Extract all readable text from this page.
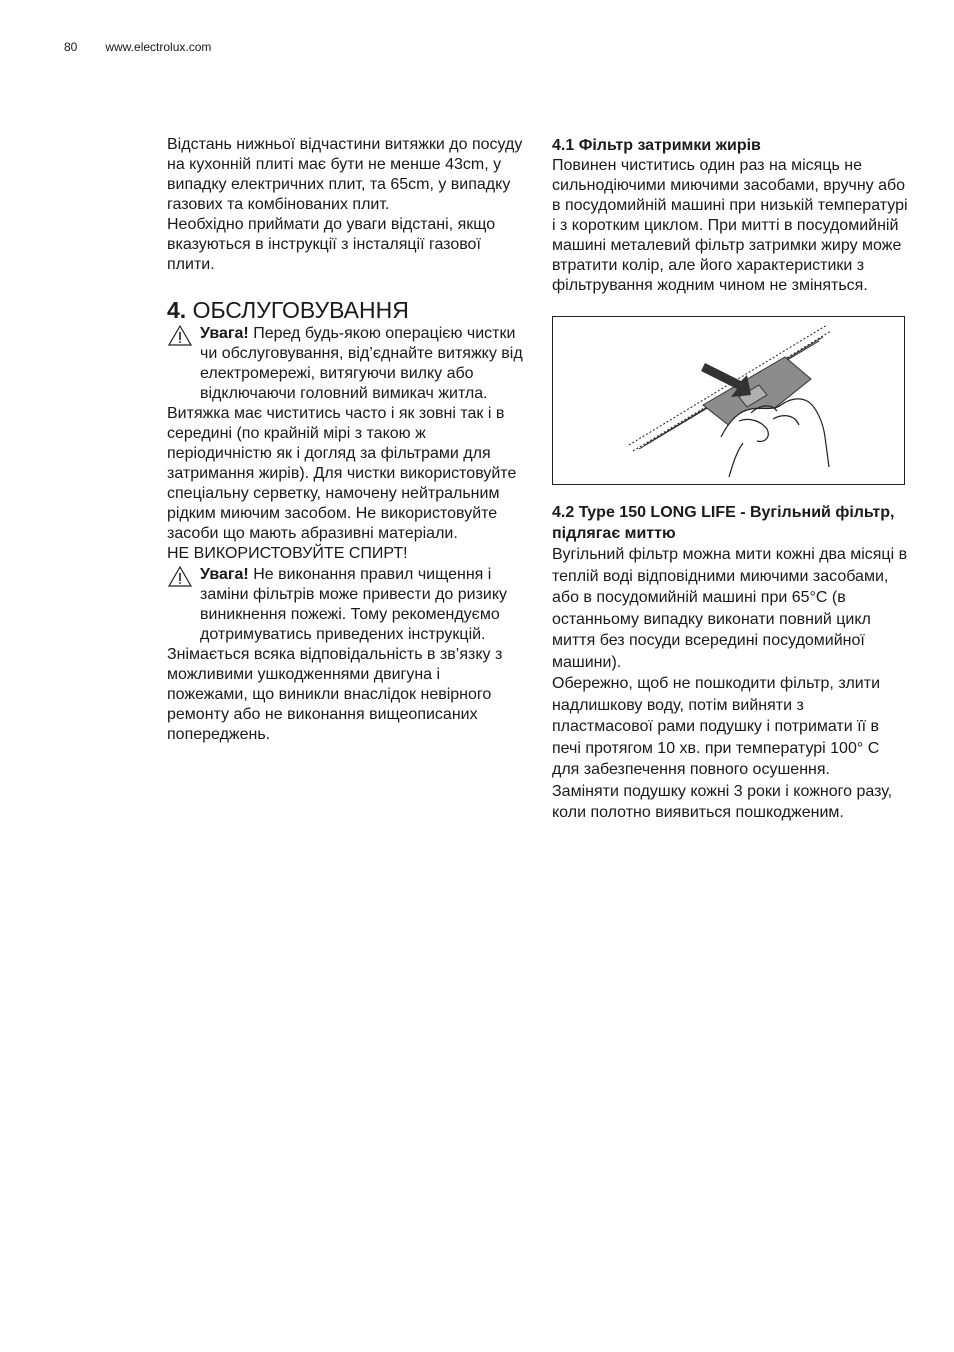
80 www.electrolux.com

Відстань нижньої відчастини витяжки до посуду на кухонній плиті має бути не менше 43cm, у випадку електричних плит, та 65cm, у випадку газових та комбінованих плит.

Необхідно приймати до уваги відстані, якщо вказуються в інструкції з інсталяції газової плити.

4. ОБСЛУГОВУВАННЯ
Увага! Перед будь-якою операцією чистки чи обслуговування, від’єднайте витяжку від електромережі, витягуючи вилку або відключаючи головний вимикач житла.

Витяжка має чиститись часто і як зовні так і в середині (по крайній мірі з такою ж періодичністю як і догляд за фільтрами для затримання жирів). Для чистки використовуйте спеціальну серветку, намочену нейтральним рідким миючим засобом. Не використовуйте засоби що мають абразивні матеріали.

НЕ ВИКОРИСТОВУЙТЕ СПИРТ!

Увага! Не виконання правил чищення і заміни фільтрів може привести до ризику виникнення пожежі. Тому рекомендуємо дотримуватись приведених інструкцій.

Знімається всяка відповідальність в зв’язку з можливими ушкодженнями двигуна і пожежами, що виникли внаслідок невірного ремонту або не виконання вищеописаних попереджень.

4.1 Фільтр затримки жирів

Повинен чиститись один раз на місяць не сильнодіючими миючими засобами, вручну або в посудомийній машині при низькій температурі і з коротким циклом. При митті в посудомийній машині металевий фільтр затримки жиру може втратити колір, але його характеристики з фільтрування жодним чином не зміняться.

4.2 Type 150 LONG LIFE - Вугільний фільтр, підлягає миттю

Вугільний фільтр можна мити кожні два місяці в теплій воді відповідними миючими засобами, або в посудомийній машині при 65°C (в останньому випадку виконати повний цикл миття без посуди всередині посудомийної машини).

Обережно, щоб не пошкодити фільтр, злити надлишкову воду, потім вийняти з пластмасової рами подушку і потримати її в печі протягом 10 хв. при температурі 100° C для забезпечення повного осушення.

Заміняти подушку кожні 3 роки і кожного разу, коли полотно виявиться пошкодженим.
